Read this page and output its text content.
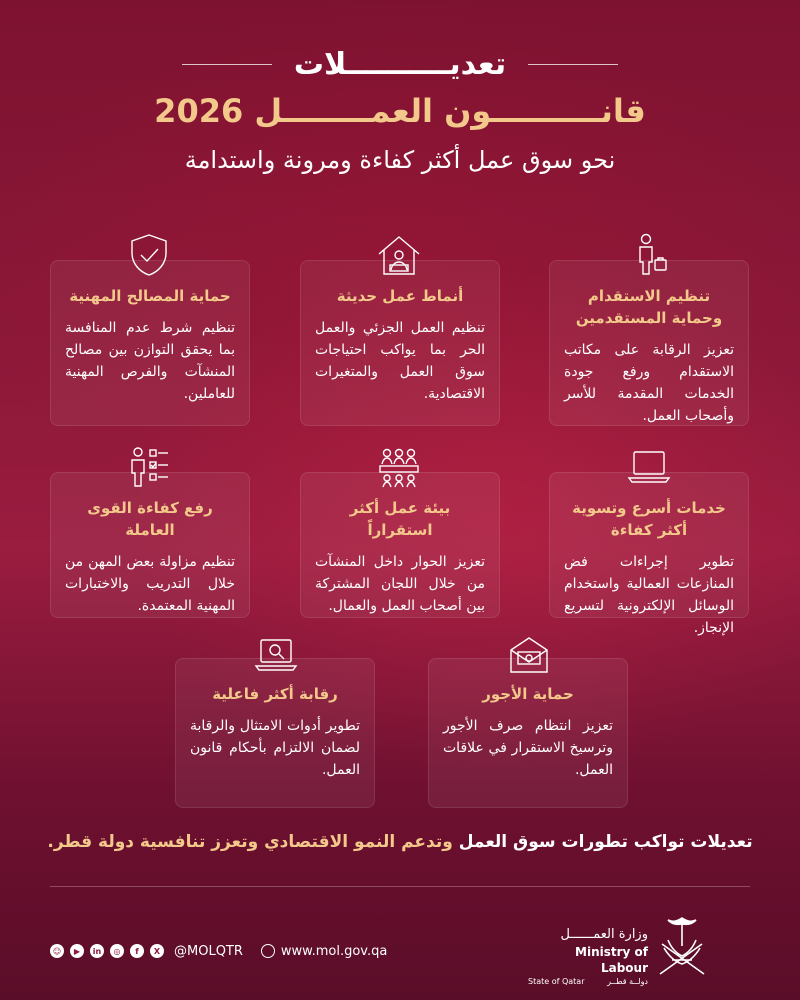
تعديــــــــــلات
قانــــــــــون العمــــــــل 2026
نحو سوق عمل أكثر كفاءة ومرونة واستدامة
تنظيم الاستقدام وحماية المستقدمين
تعزيز الرقابة على مكاتب الاستقدام ورفع جودة الخدمات المقدمة للأسر وأصحاب العمل.
أنماط عمل حديثة
تنظيم العمل الجزئي والعمل الحر بما يواكب احتياجات سوق العمل والمتغيرات الاقتصادية.
حماية المصالح المهنية
تنظيم شرط عدم المنافسة بما يحقق التوازن بين مصالح المنشآت والفرص المهنية للعاملين.
خدمات أسرع وتسوية أكثر كفاءة
تطوير إجراءات فض المنازعات العمالية واستخدام الوسائل الإلكترونية لتسريع الإنجاز.
بيئة عمل أكثر استقراراً
تعزيز الحوار داخل المنشآت من خلال اللجان المشتركة بين أصحاب العمل والعمال.
رفع كفاءة القوى العاملة
تنظيم مزاولة بعض المهن من خلال التدريب والاختبارات المهنية المعتمدة.
حماية الأجور
تعزيز انتظام صرف الأجور وترسيخ الاستقرار في علاقات العمل.
رقابة أكثر فاعلية
تطوير أدوات الامتثال والرقابة لضمان الالتزام بأحكام قانون العمل.
تعديلات تواكب تطورات سوق العمل وتدعم النمو الاقتصادي وتعزز تنافسية دولة قطر.
☺	▶	in	◎	f	X	@MOLQTR	www.mol.gov.qa
وزارة العمــــــل
Ministry of Labour
دولــة قطــر
State of Qatar
